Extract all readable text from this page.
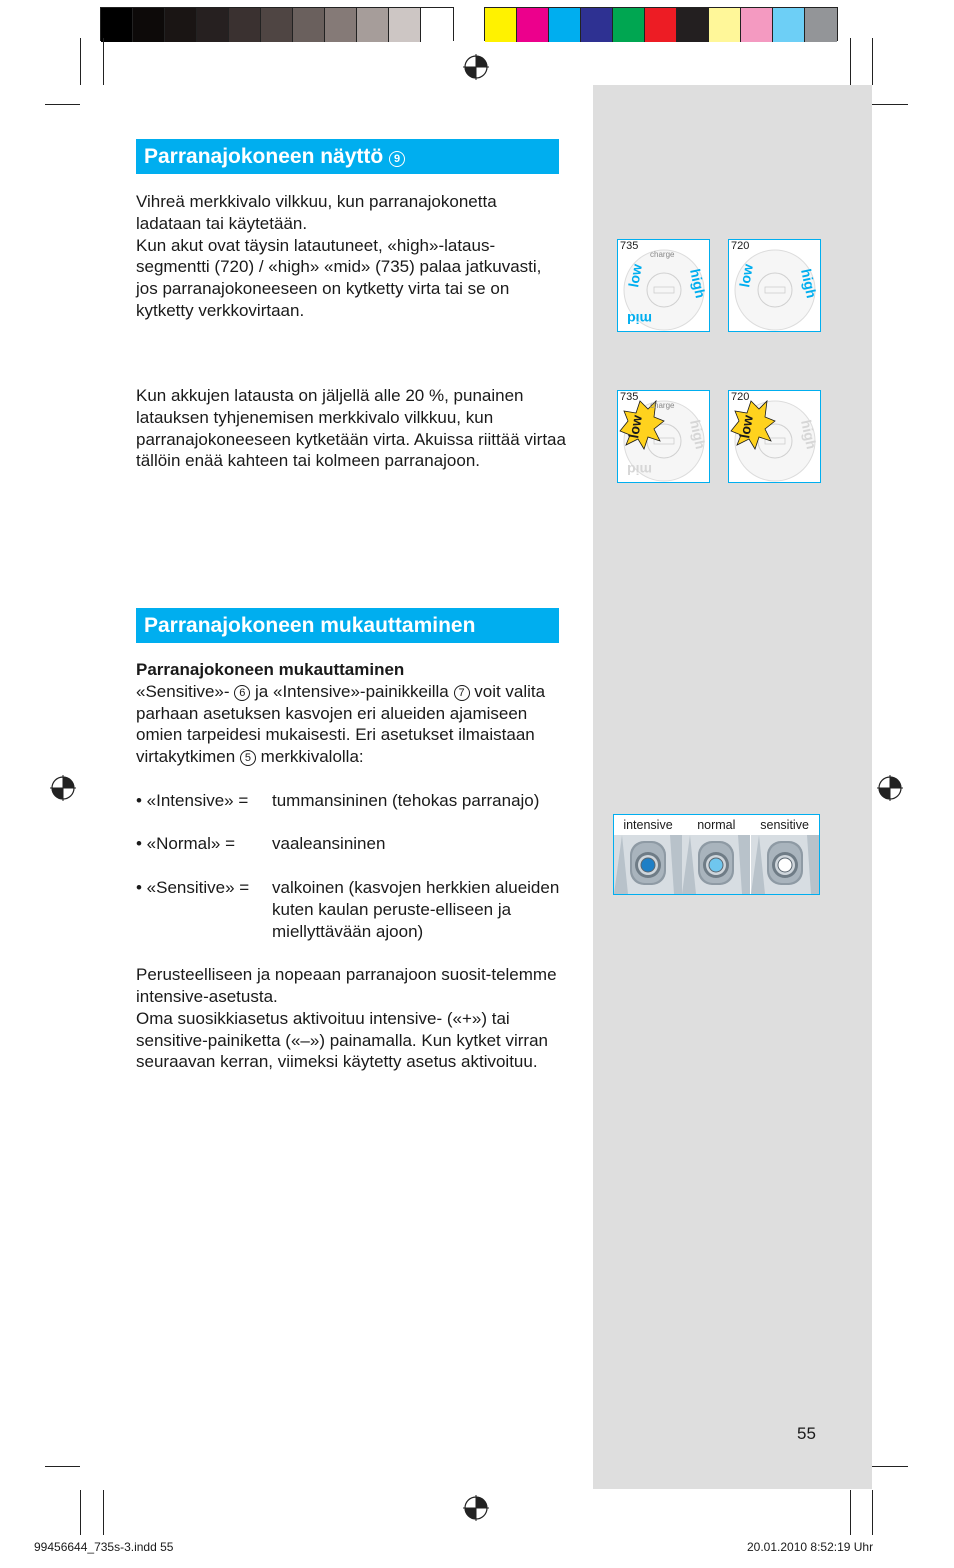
Parranajokoneen näyttö 9

Vihreä merkkivalo vilkkuu, kun parranajokonetta ladataan tai käytetään.

Kun akut ovat täysin latautuneet, «high»-lataus-segmentti (720) / «high» «mid» (735) palaa jatkuvasti, jos parranajokoneeseen on kytketty virta tai se on kytketty verkkovirtaan.

Kun akkujen latausta on jäljellä alle 20 %, punainen latauksen tyhjenemisen merkkivalo vilkkuu, kun parranajokoneeseen kytketään virta. Akuissa riittää virtaa tällöin enää kahteen tai kolmeen parranajoon.

low	high
mid
charge
735
low	high
720
low	high
mid
charge
735
low	high
720
Parranajokoneen mukauttaminen

Parranajokoneen mukauttaminen

«Sensitive»- 6 ja «Intensive»-painikkeilla 7 voit valita parhaan asetuksen kasvojen eri alueiden ajamiseen omien tarpeidesi mukaisesti. Eri asetukset ilmaistaan virtakytkimen 5 merkkivalolla:

• «Intensive» =	tummansininen (tehokas parranajo)
• «Normal» =	vaaleansininen
• «Sensitive» =	valkoinen (kasvojen herkkien alueiden kuten kaulan peruste-elliseen ja miellyttävään ajoon)

Perusteelliseen ja nopeaan parranajoon suosit-telemme intensive-asetusta.

Oma suosikkiasetus aktivoituu intensive- («+») tai sensitive-painiketta («–») painamalla. Kun kytket virran seuraavan kerran, viimeksi käytetty asetus aktivoituu.

intensive	normal	sensitive
55
99456644_735s-3.indd 55	20.01.2010 8:52:19 Uhr
